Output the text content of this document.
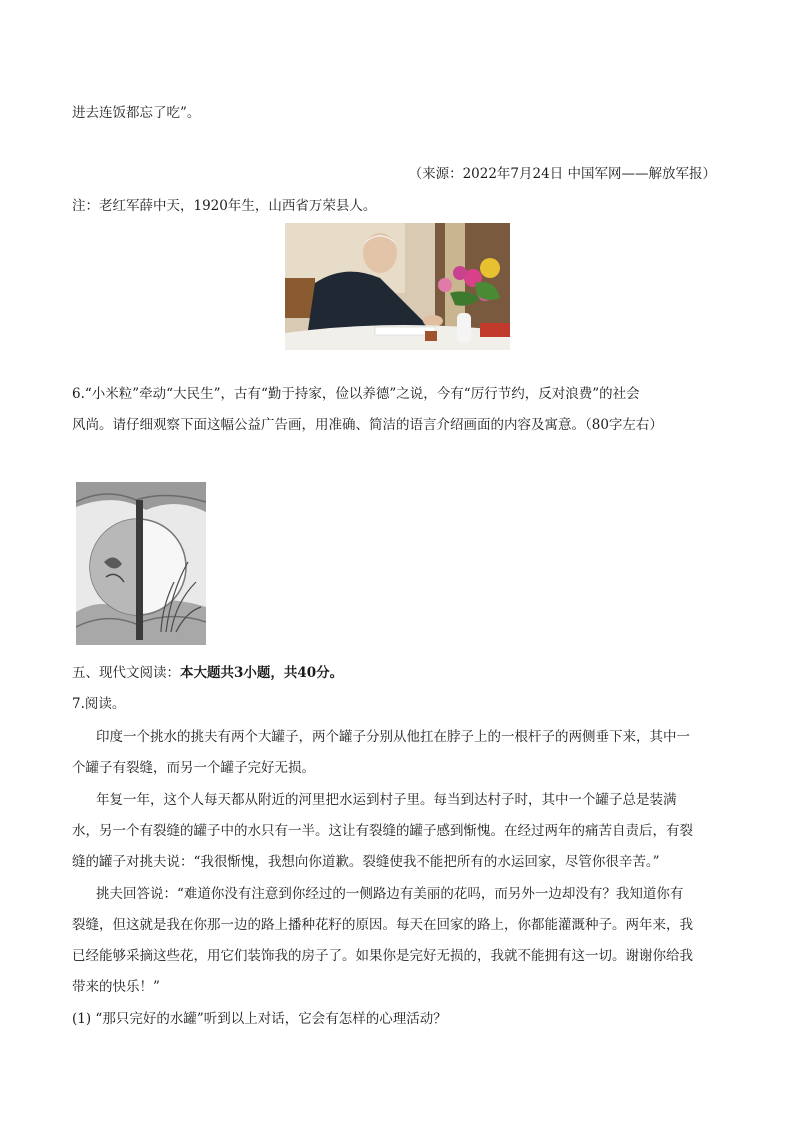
进去连饭都忘了吃”。
（来源：2022年7月24日 中国军网——解放军报）
注：老红军薛中天，1920年生，山西省万荣县人。
6.“小米粒”牵动“大民生”，古有“勤于持家，俭以养德”之说，今有“厉行节约，反对浪费”的社会
风尚。请仔细观察下面这幅公益广告画，用准确、简洁的语言介绍画面的内容及寓意。（80字左右）
五、现代文阅读：本大题共3小题，共40分。
7.阅读。
印度一个挑水的挑夫有两个大罐子，两个罐子分别从他扛在脖子上的一根杆子的两侧垂下来，其中一
个罐子有裂缝，而另一个罐子完好无损。
年复一年，这个人每天都从附近的河里把水运到村子里。每当到达村子时，其中一个罐子总是装满
水，另一个有裂缝的罐子中的水只有一半。这让有裂缝的罐子感到惭愧。在经过两年的痛苦自责后，有裂
缝的罐子对挑夫说：“我很惭愧，我想向你道歉。裂缝使我不能把所有的水运回家，尽管你很辛苦。”
挑夫回答说：“难道你没有注意到你经过的一侧路边有美丽的花吗，而另外一边却没有？我知道你有
裂缝，但这就是我在你那一边的路上播种花籽的原因。每天在回家的路上，你都能灌溉种子。两年来，我
已经能够采摘这些花，用它们装饰我的房子了。如果你是完好无损的，我就不能拥有这一切。谢谢你给我
带来的快乐！”
(1) “那只完好的水罐”听到以上对话，它会有怎样的心理活动？
